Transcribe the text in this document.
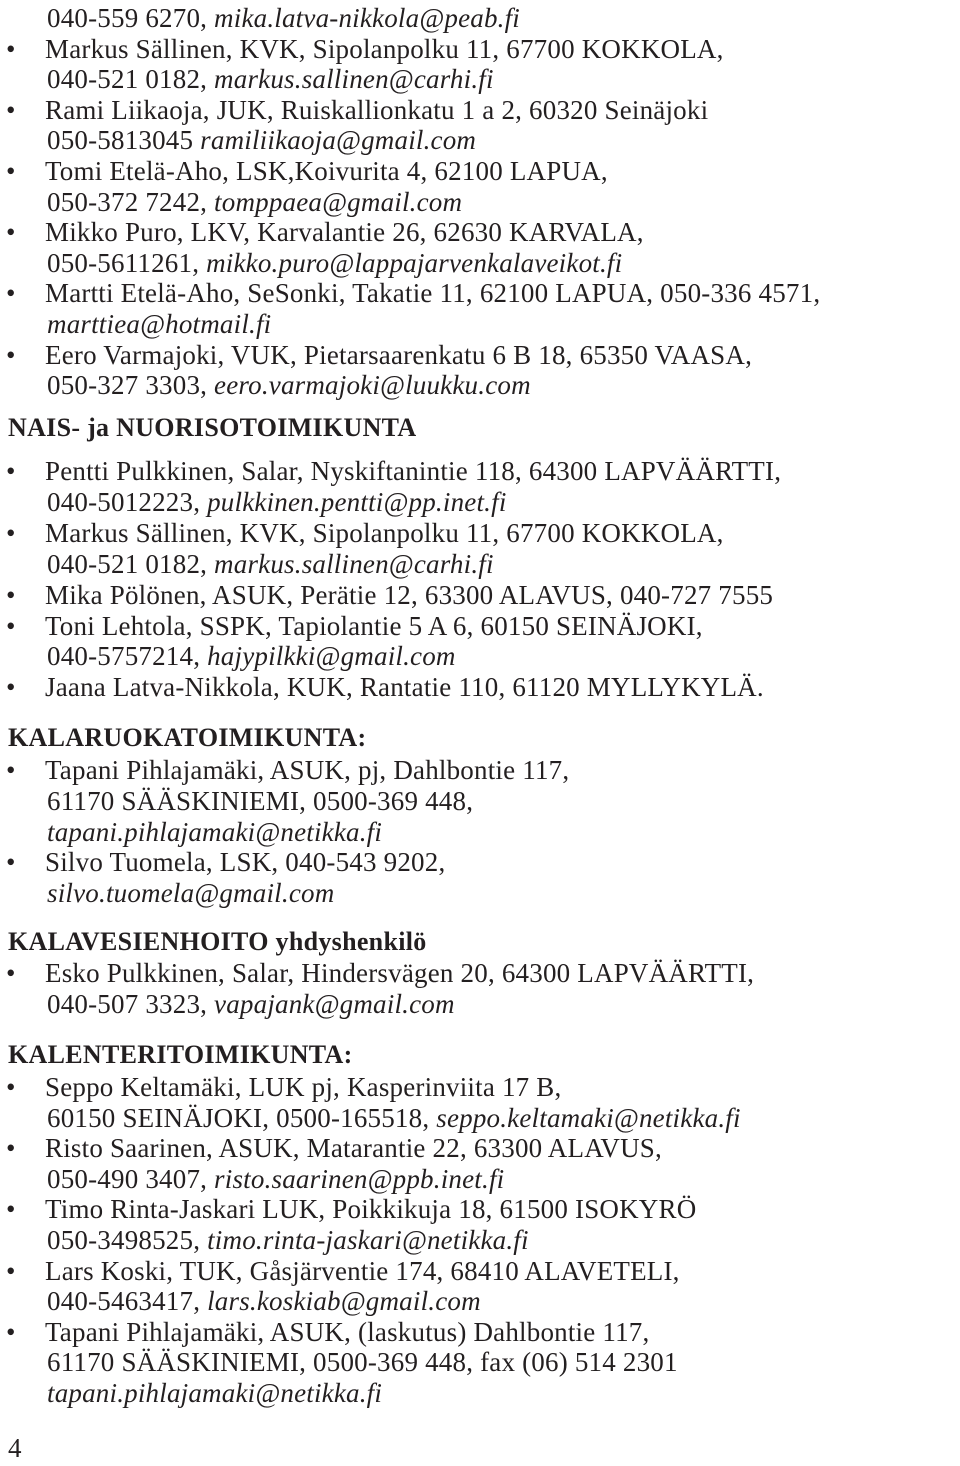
040-559 6270, mika.latva-nikkola@peab.fi
• Markus Sällinen, KVK, Sipolanpolku 11, 67700 KOKKOLA,
040-521 0182, markus.sallinen@carhi.fi
• Rami Liikaoja, JUK, Ruiskallionkatu 1 a 2, 60320 Seinäjoki
050-5813045 ramiliikaoja@gmail.com
• Tomi Etelä-Aho, LSK,Koivurita 4, 62100 LAPUA,
050-372 7242, tomppaea@gmail.com
• Mikko Puro, LKV, Karvalantie 26, 62630 KARVALA,
050-5611261, mikko.puro@lappajarvenkalaveikot.fi
• Martti Etelä-Aho, SeSonki, Takatie 11, 62100 LAPUA, 050-336 4571,
marttiea@hotmail.fi
• Eero Varmajoki, VUK, Pietarsaarenkatu 6 B 18, 65350 VAASA,
050-327 3303, eero.varmajoki@luukku.com
NAIS- ja NUORISOTOIMIKUNTA
• Pentti Pulkkinen, Salar, Nyskiftanintie 118, 64300 LAPVÄÄRTTI,
040-5012223, pulkkinen.pentti@pp.inet.fi
• Markus Sällinen, KVK, Sipolanpolku 11, 67700 KOKKOLA,
040-521 0182, markus.sallinen@carhi.fi
• Mika Pölönen, ASUK, Perätie 12, 63300 ALAVUS, 040-727 7555
• Toni Lehtola, SSPK, Tapiolantie 5 A 6, 60150 SEINÄJOKI,
040-5757214, hajypilkki@gmail.com
• Jaana Latva-Nikkola, KUK, Rantatie 110, 61120 MYLLYKYLÄ.
KALARUOKATOIMIKUNTA:
• Tapani Pihlajamäki, ASUK, pj, Dahlbontie 117,
61170 SÄÄSKINIEMI, 0500-369 448,
tapani.pihlajamaki@netikka.fi
• Silvo Tuomela, LSK, 040-543 9202,
silvo.tuomela@gmail.com
KALAVESIENHOITO yhdyshenkilö
• Esko Pulkkinen, Salar, Hindersvägen 20, 64300 LAPVÄÄRTTI,
040-507 3323, vapajank@gmail.com
KALENTERITOIMIKUNTA:
• Seppo Keltamäki, LUK pj, Kasperinviita 17 B,
60150 SEINÄJOKI, 0500-165518, seppo.keltamaki@netikka.fi
• Risto Saarinen, ASUK, Matarantie 22, 63300 ALAVUS,
050-490 3407, risto.saarinen@ppb.inet.fi
• Timo Rinta-Jaskari LUK, Poikkikuja 18, 61500 ISOKYRÖ
050-3498525, timo.rinta-jaskari@netikka.fi
• Lars Koski, TUK, Gåsjärventie 174, 68410 ALAVETELI,
040-5463417, lars.koskiab@gmail.com
• Tapani Pihlajamäki, ASUK, (laskutus) Dahlbontie 117,
61170 SÄÄSKINIEMI, 0500-369 448, fax (06) 514 2301
tapani.pihlajamaki@netikka.fi
4
